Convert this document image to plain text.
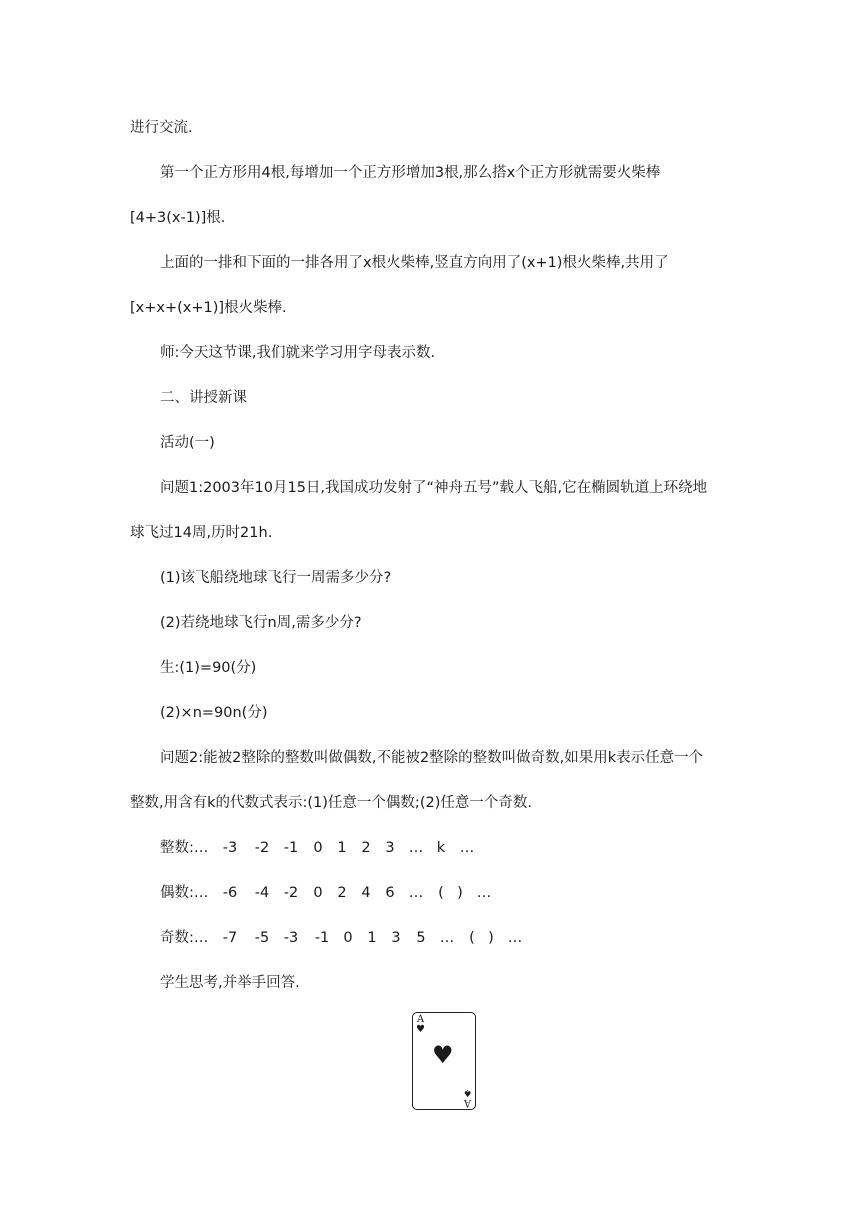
进行交流.

第一个正方形用4根,每增加一个正方形增加3根,那么搭x个正方形就需要火柴棒

[4+3(x-1)]根.

上面的一排和下面的一排各用了x根火柴棒,竖直方向用了(x+1)根火柴棒,共用了

[x+x+(x+1)]根火柴棒.

师:今天这节课,我们就来学习用字母表示数.

二、讲授新课

活动(一)

问题1:2003年10月15日,我国成功发射了“神舟五号”载人飞船,它在椭圆轨道上环绕地

球飞过14周,历时21h.

(1)该飞船绕地球飞行一周需多少分?

(2)若绕地球飞行n周,需多少分?

生:(1)=90(分)

(2)×n=90n(分)

问题2:能被2整除的整数叫做偶数,不能被2整除的整数叫做奇数,如果用k表示任意一个

整数,用含有k的代数式表示:(1)任意一个偶数;(2)任意一个奇数.

整数:… -3 -2 -1	0	1	2	3 … k	…
偶数:… -6 -4 -2	0	2	4	6 …	( ) …
奇数:… -7 -5 -3 -1 0	1	3	5 …	( ) …

学生思考,并举手回答.

A
♥
♥
A
♠
